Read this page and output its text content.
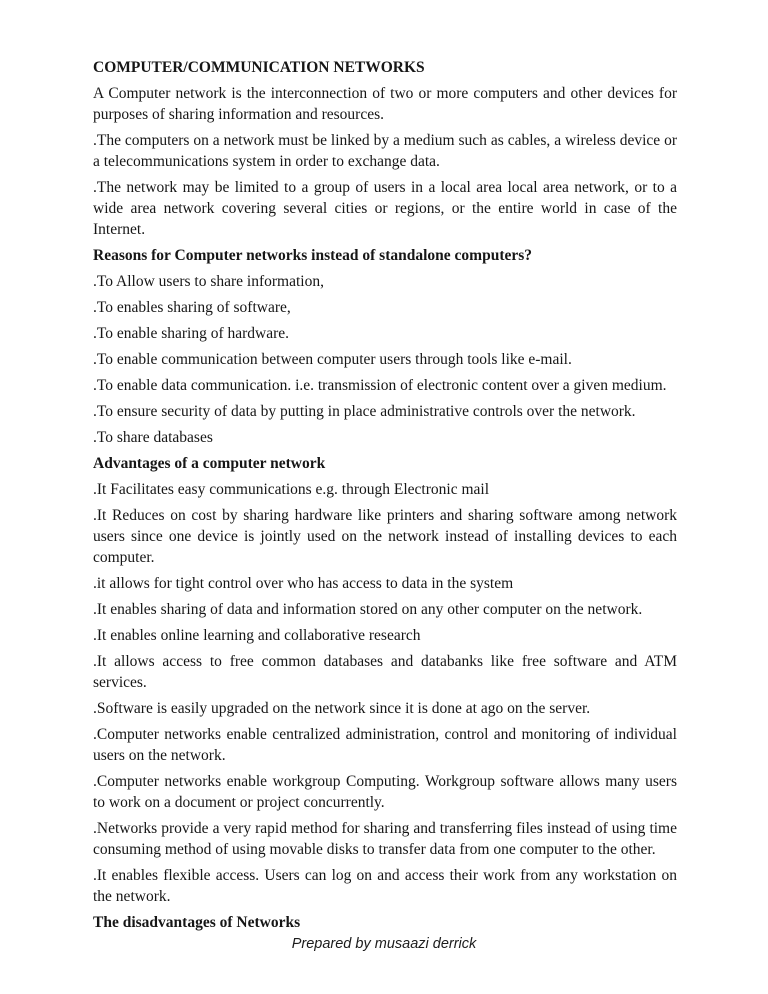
COMPUTER/COMMUNICATION NETWORKS

A Computer network is the interconnection of two or more computers and other devices for purposes of sharing information and resources.

.The computers on a network must be linked by a medium such as cables, a wireless device or a telecommunications system in order to exchange data.

.The network may be limited to a group of users in a local area local area network, or to a wide area network covering several cities or regions, or the entire world in case of the Internet.

Reasons for Computer networks instead of standalone computers?

.To Allow users to share information,

.To enables sharing of software,

.To enable sharing of hardware.

.To enable communication between computer users through tools like e-mail.

.To enable data communication. i.e. transmission of electronic content over a given medium.

.To ensure security of data by putting in place administrative controls over the network.

.To share databases

Advantages of a computer network

.It Facilitates easy communications e.g. through Electronic mail

.It Reduces on cost by sharing hardware like printers and sharing software among network users since one device is jointly used on the network instead of installing devices to each computer.

.it allows for tight control over who has access to data in the system

.It enables sharing of data and information stored on any other computer on the network.

.It enables online learning and collaborative research

.It allows access to free common databases and databanks like free software and ATM services.

.Software is easily upgraded on the network since it is done at ago on the server.

.Computer networks enable centralized administration, control and monitoring of individual users on the network.

.Computer networks enable workgroup Computing. Workgroup software allows many users to work on a document or project concurrently.

.Networks provide a very rapid method for sharing and transferring files instead of using time consuming method of using movable disks to transfer data from one computer to the other.

.It enables flexible access. Users can log on and access their work from any workstation on the network.

The disadvantages of Networks
Prepared by musaazi derrick
